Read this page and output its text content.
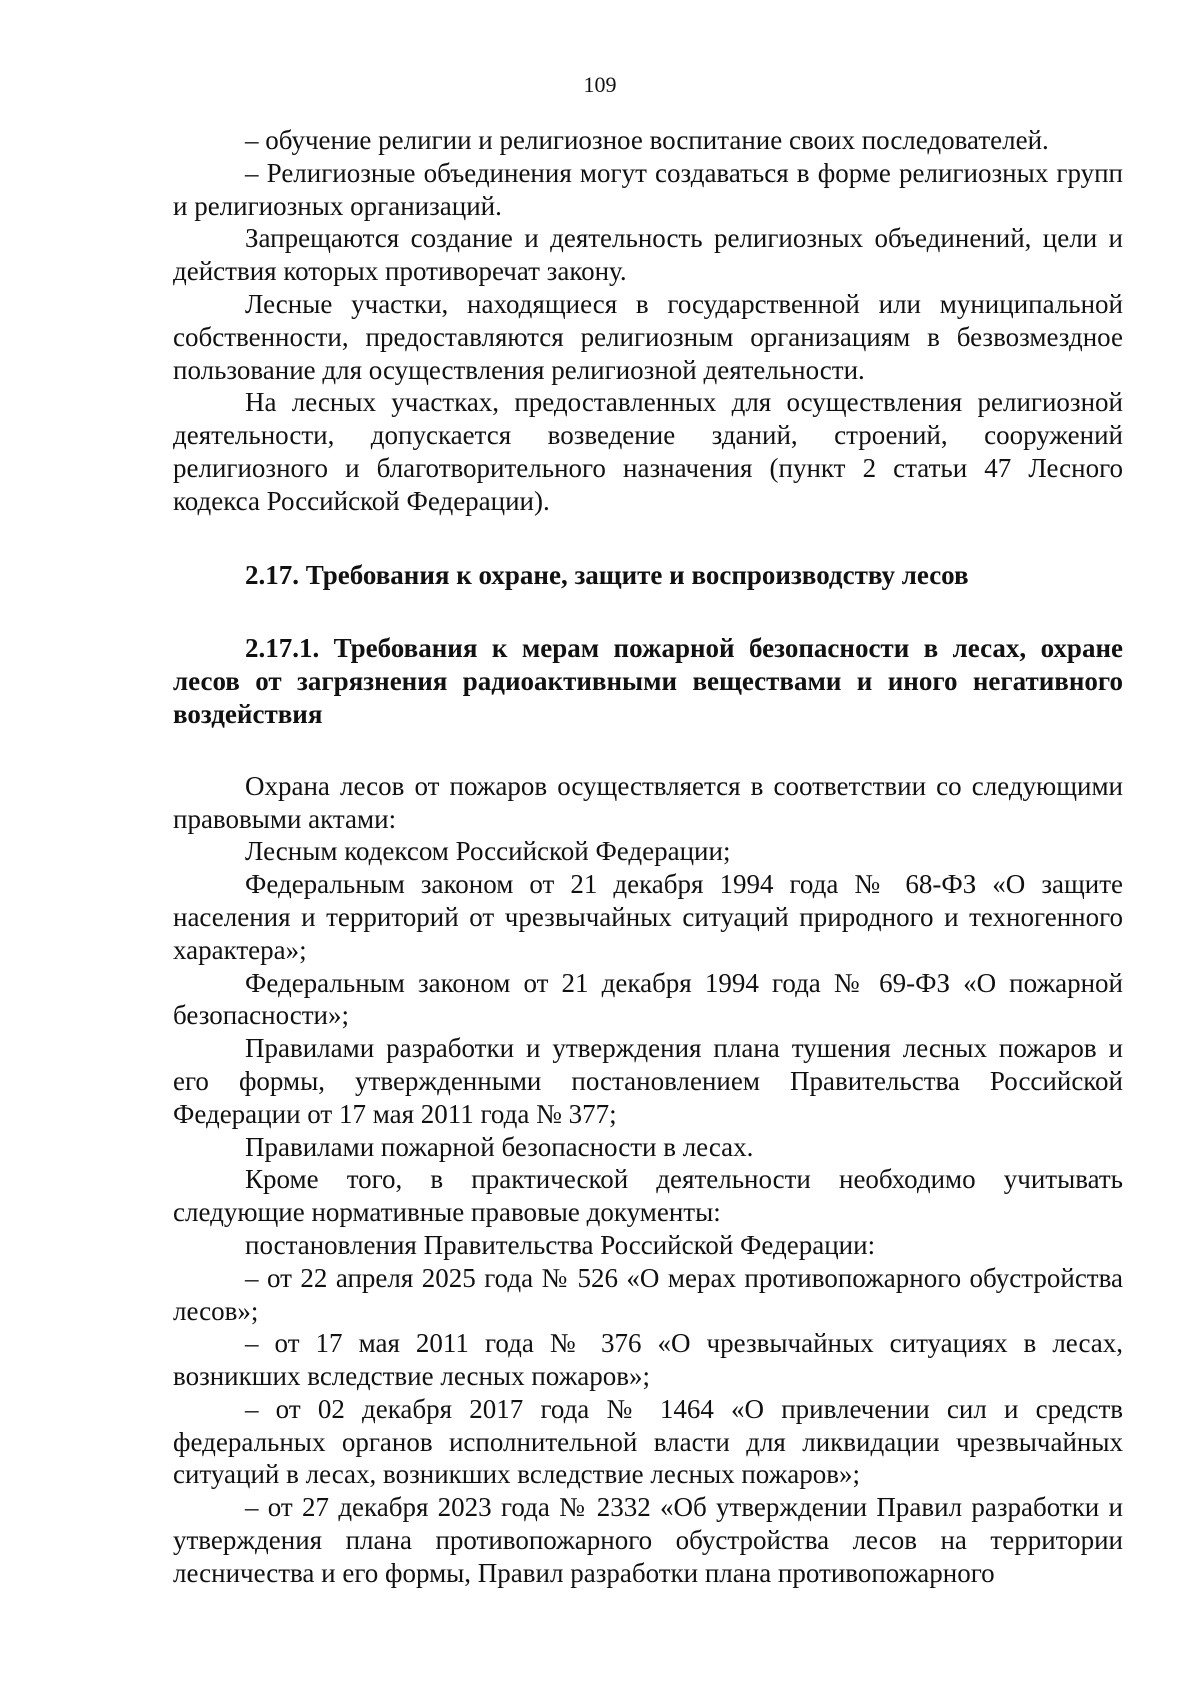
109

– обучение религии и религиозное воспитание своих последователей.

– Религиозные объединения могут создаваться в форме религиозных групп и религиозных организаций.

Запрещаются создание и деятельность религиозных объединений, цели и действия которых противоречат закону.

Лесные участки, находящиеся в государственной или муниципальной собственности, предоставляются религиозным организациям в безвозмездное пользование для осуществления религиозной деятельности.

На лесных участках, предоставленных для осуществления религиозной деятельности, допускается возведение зданий, строений, сооружений религиозного и благотворительного назначения (пункт 2 статьи 47 Лесного кодекса Российской Федерации).

2.17. Требования к охране, защите и воспроизводству лесов

2.17.1. Требования к мерам пожарной безопасности в лесах, охране лесов от загрязнения радиоактивными веществами и иного негативного воздействия

Охрана лесов от пожаров осуществляется в соответствии со следующими правовыми актами:

Лесным кодексом Российской Федерации;

Федеральным законом от 21 декабря 1994 года № 68-ФЗ «О защите населения и территорий от чрезвычайных ситуаций природного и техногенного характера»;

Федеральным законом от 21 декабря 1994 года № 69-ФЗ «О пожарной безопасности»;

Правилами разработки и утверждения плана тушения лесных пожаров и его формы, утвержденными постановлением Правительства Российской Федерации от 17 мая 2011 года № 377;

Правилами пожарной безопасности в лесах.

Кроме того, в практической деятельности необходимо учитывать следующие нормативные правовые документы:

постановления Правительства Российской Федерации:

– от 22 апреля 2025 года № 526 «О мерах противопожарного обустройства лесов»;

– от 17 мая 2011 года № 376 «О чрезвычайных ситуациях в лесах, возникших вследствие лесных пожаров»;

– от 02 декабря 2017 года № 1464 «О привлечении сил и средств федеральных органов исполнительной власти для ликвидации чрезвычайных ситуаций в лесах, возникших вследствие лесных пожаров»;

– от 27 декабря 2023 года № 2332 «Об утверждении Правил разработки и утверждения плана противопожарного обустройства лесов на территории лесничества и его формы, Правил разработки плана противопожарного
